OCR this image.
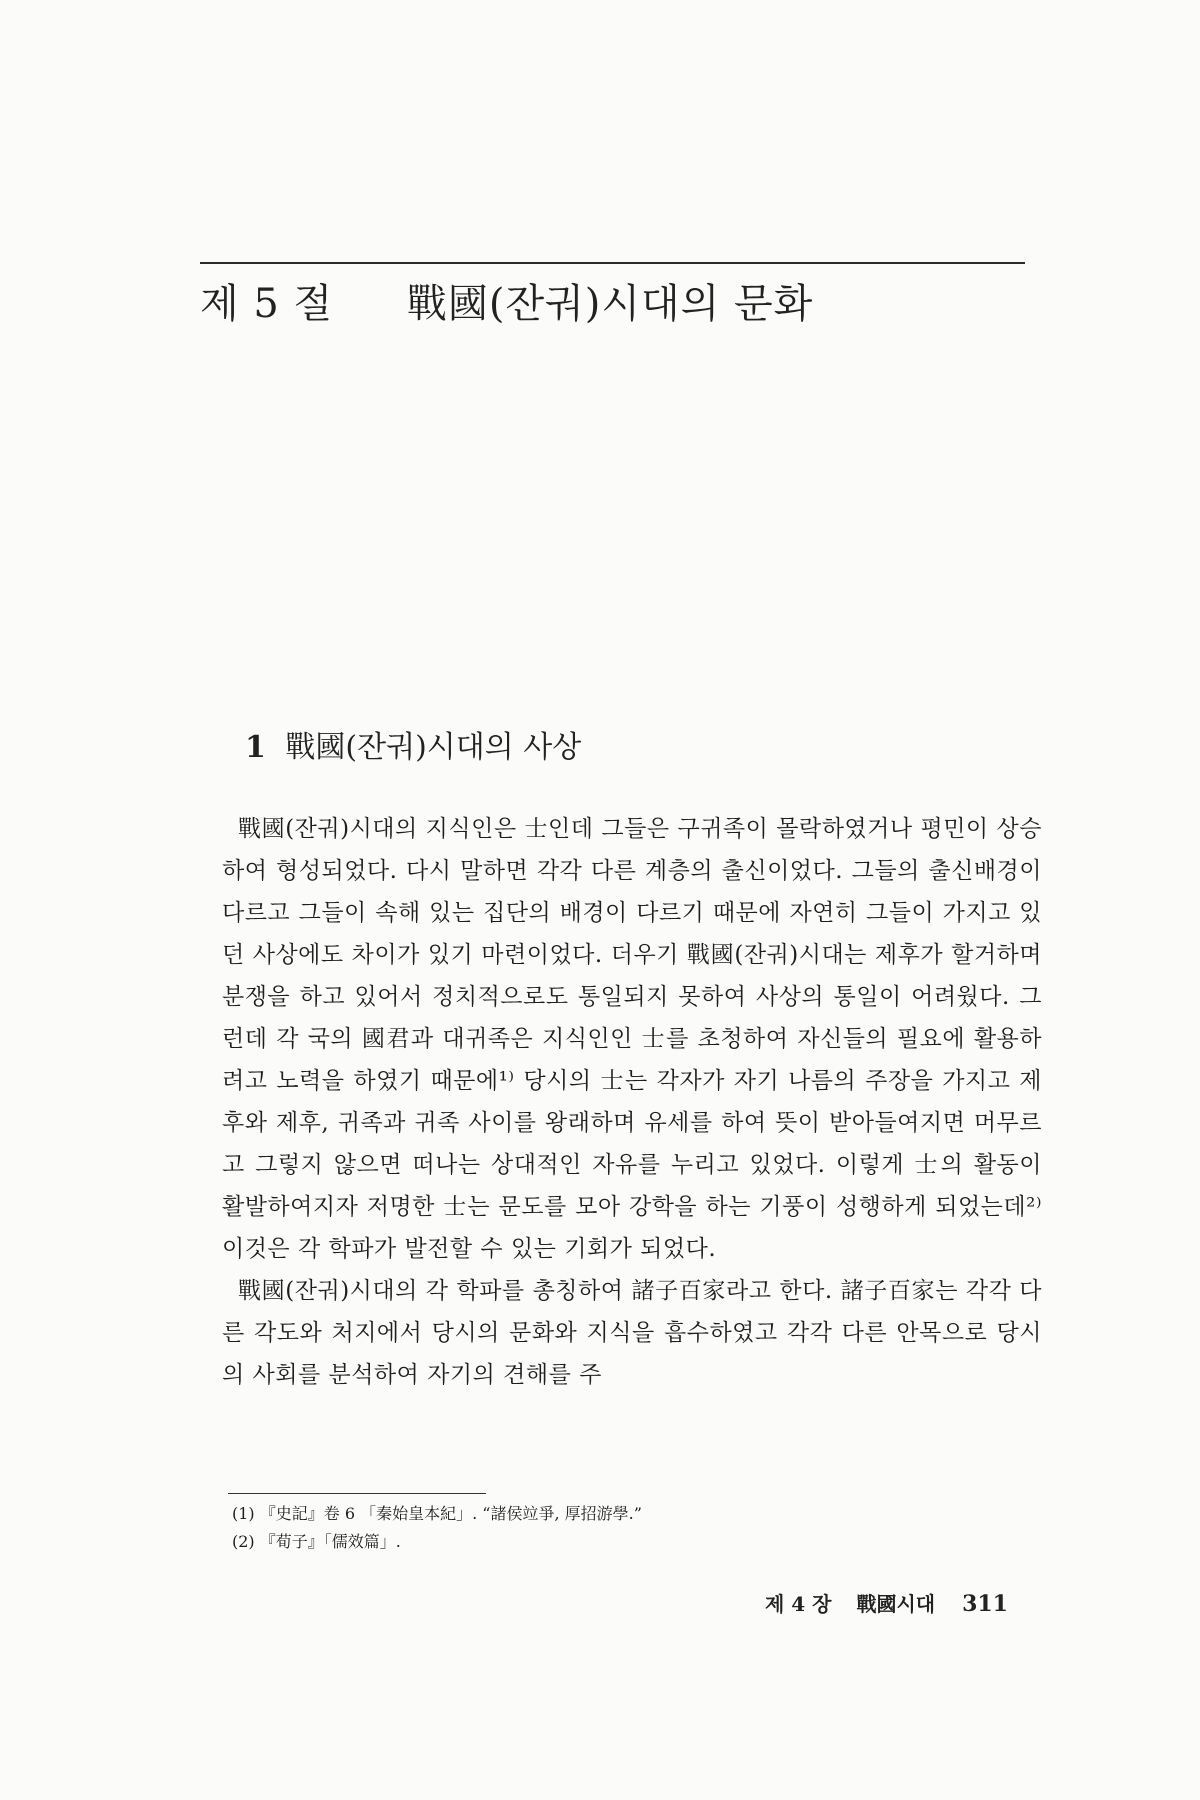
제 5 절 戰國(잔궈)시대의 문화
1 戰國(잔궈)시대의 사상

戰國(잔궈)시대의 지식인은 士인데 그들은 구귀족이 몰락하였거나 평민이 상승하여 형성되었다. 다시 말하면 각각 다른 계층의 출신이었다. 그들의 출신배경이 다르고 그들이 속해 있는 집단의 배경이 다르기 때문에 자연히 그들이 가지고 있던 사상에도 차이가 있기 마련이었다. 더우기 戰國(잔궈)시대는 제후가 할거하며 분쟁을 하고 있어서 정치적으로도 통일되지 못하여 사상의 통일이 어려웠다. 그런데 각 국의 國君과 대귀족은 지식인인 士를 초청하여 자신들의 필요에 활용하려고 노력을 하였기 때문에¹⁾ 당시의 士는 각자가 자기 나름의 주장을 가지고 제후와 제후, 귀족과 귀족 사이를 왕래하며 유세를 하여 뜻이 받아들여지면 머무르고 그렇지 않으면 떠나는 상대적인 자유를 누리고 있었다. 이렇게 士의 활동이 활발하여지자 저명한 士는 문도를 모아 강학을 하는 기풍이 성행하게 되었는데²⁾ 이것은 각 학파가 발전할 수 있는 기회가 되었다.

戰國(잔궈)시대의 각 학파를 총칭하여 諸子百家라고 한다. 諸子百家는 각각 다른 각도와 처지에서 당시의 문화와 지식을 흡수하였고 각각 다른 안목으로 당시의 사회를 분석하여 자기의 견해를 주

(1) 『史記』卷 6 「秦始皇本紀」. “諸侯竝爭, 厚招游學.”
(2) 『荀子』「儒效篇」.
제 4 장 戰國시대 311
